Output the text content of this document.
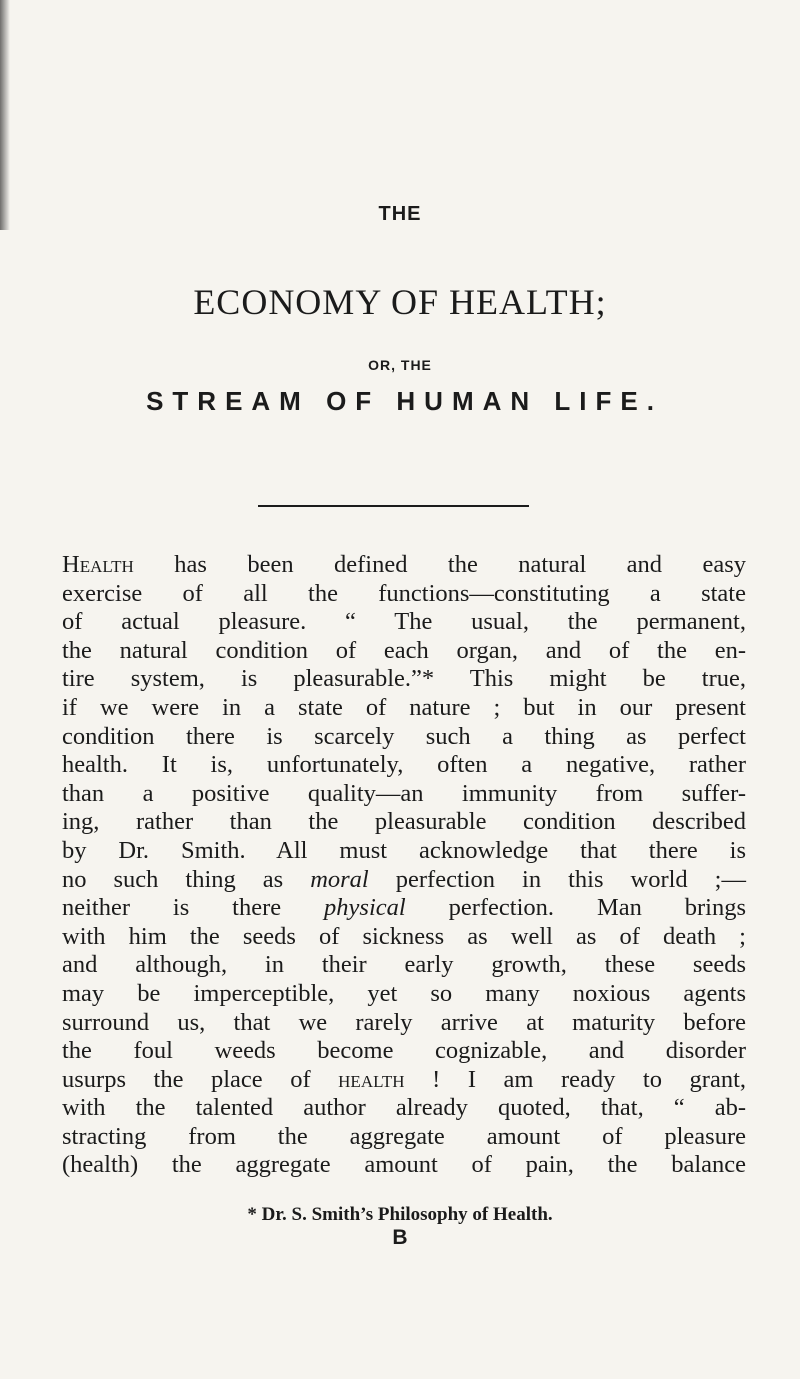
THE
ECONOMY OF HEALTH;
OR, THE
STREAM OF HUMAN LIFE.
Health has been defined the natural and easy
exercise of all the functions—constituting a state
of actual pleasure. “ The usual, the permanent,
the natural condition of each organ, and of the en-
tire system, is pleasurable.”* This might be true,
if we were in a state of nature ; but in our present
condition there is scarcely such a thing as perfect
health. It is, unfortunately, often a negative, rather
than a positive quality—an immunity from suffer-
ing, rather than the pleasurable condition described
by Dr. Smith. All must acknowledge that there is
no such thing as moral perfection in this world ;—
neither is there physical perfection. Man brings
with him the seeds of sickness as well as of death ;
and although, in their early growth, these seeds
may be imperceptible, yet so many noxious agents
surround us, that we rarely arrive at maturity before
the foul weeds become cognizable, and disorder
usurps the place of health ! I am ready to grant,
with the talented author already quoted, that, “ ab-
stracting from the aggregate amount of pleasure
(health) the aggregate amount of pain, the balance
* Dr. S. Smith’s Philosophy of Health.
B
